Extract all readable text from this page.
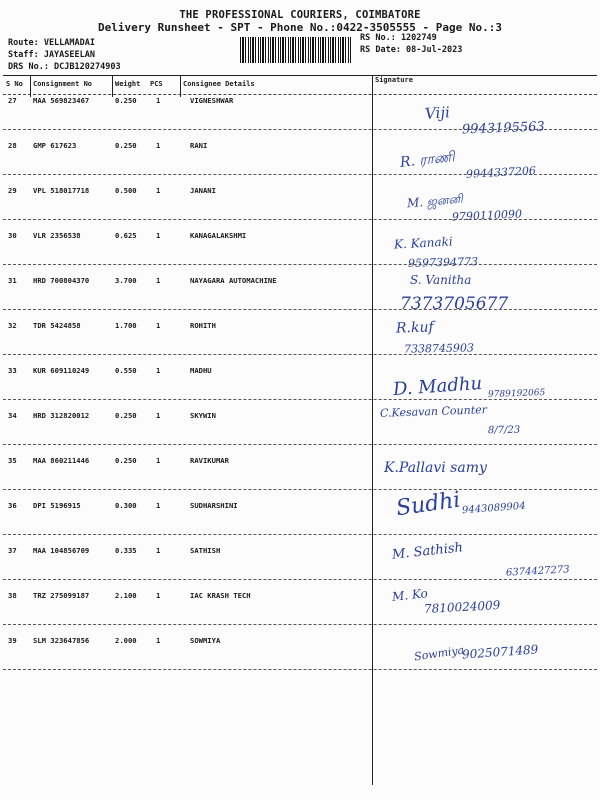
THE PROFESSIONAL COURIERS, COIMBATORE
Delivery Runsheet - SPT - Phone No.:0422-3505555 - Page No.:3
Route: VELLAMADAI
Staff: JAYASEELAN
DRS No.: DCJB120274903
RS No.: 1202749
RS Date: 08-Jul-2023
S No Consignment No	Weight PCS	Consignee Details	Signature
27 MAA 569823467	0.250	1	VIGNESHWAR
Viji
9943195563
28 GMP 617623	0.250	1	RANI
R. ராணி
9944337206
29 VPL 518017718	0.500	1	JANANI
M. ஜனனி
9790110090
30 VLR 2356538	0.625	1	KANAGALAKSHMI	K. Kanaki
9597394773
31 HRD 700804370	3.700	1	NAYAGARA AUTOMACHINE	S. Vanitha
7373705677
32 TDR 5424858	1.700	1	ROHITH	R.kuf
7338745903
33 KUR 609110249	0.550	1	MADHU
D. Madhu 9789192065
34 HRD 312820012	0.250	1	SKYWIN	C.Kesavan Counter
8/7/23
35 MAA 860211446	0.250	1	RAVIKUMAR	K.Pallavi samy
36 DPI 5196915	0.300	1	SUDHARSHINI	Sudhi 9443089904
37 MAA 104856709	0.335	1	SATHISH	M. Sathish
6374427273
38 TRZ 275099187	2.100	1	IAC KRASH TECH	M. Ko
7810024009
39 SLM 323647856	2.000	1	SOWMIYA
Sowmiya
9025071489
